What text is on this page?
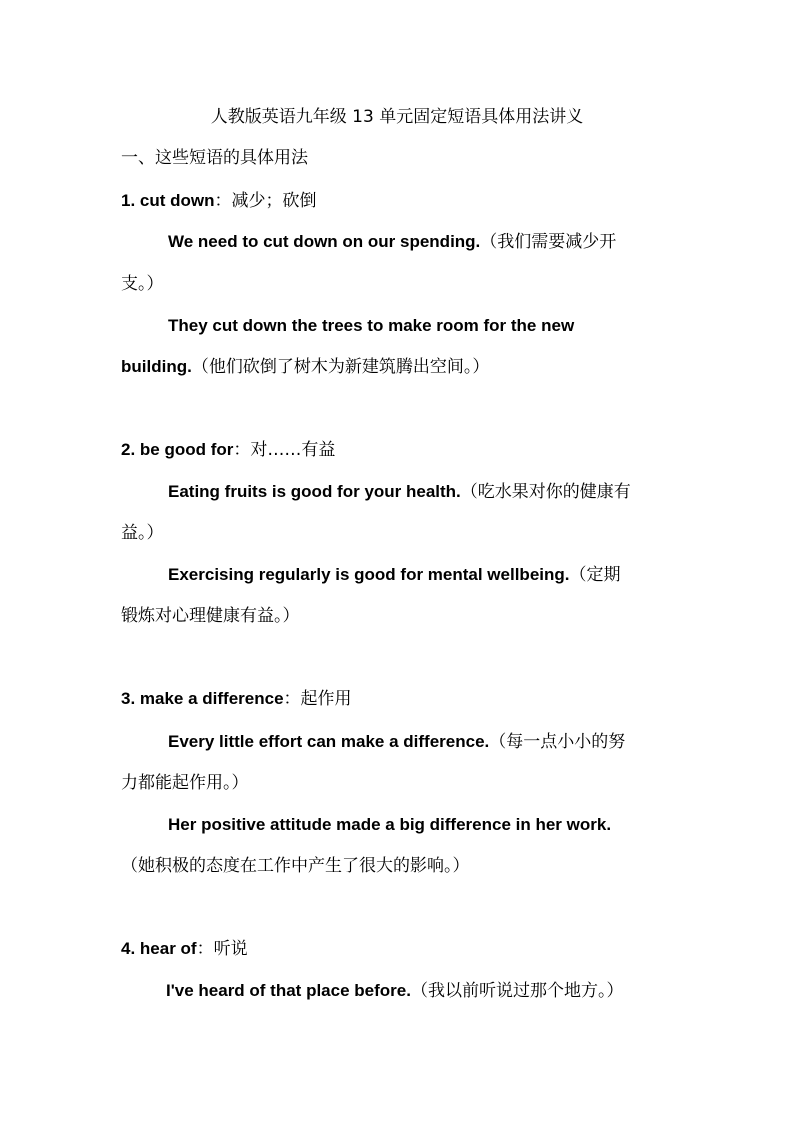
人教版英语九年级 13 单元固定短语具体用法讲义
一、这些短语的具体用法
1. cut down：减少；砍倒
We need to cut down on our spending.（我们需要减少开
支。）
They cut down the trees to make room for the new
building.（他们砍倒了树木为新建筑腾出空间。）
2. be good for：对……有益
Eating fruits is good for your health.（吃水果对你的健康有
益。）
Exercising regularly is good for mental wellbeing.（定期
锻炼对心理健康有益。）
3. make a difference：起作用
Every little effort can make a difference.（每一点小小的努
力都能起作用。）
Her positive attitude made a big difference in her work.
（她积极的态度在工作中产生了很大的影响。）
4. hear of：听说
I've heard of that place before.（我以前听说过那个地方。）
